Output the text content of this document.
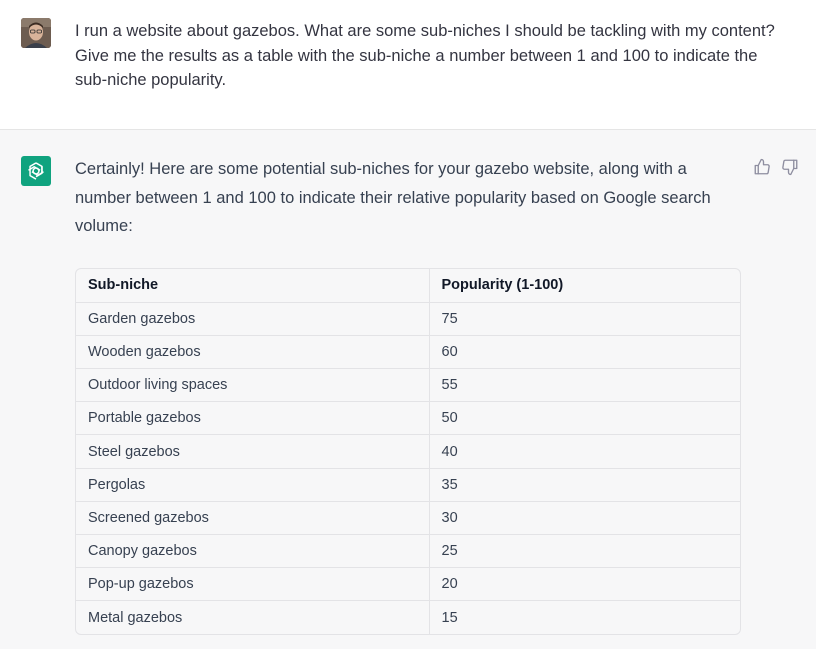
I run a website about gazebos. What are some sub-niches I should be tackling with my content? Give me the results as a table with the sub-niche a number between 1 and 100 to indicate the sub-niche popularity.
Certainly! Here are some potential sub-niches for your gazebo website, along with a number between 1 and 100 to indicate their relative popularity based on Google search volume:
Sub-niche	Popularity (1-100)
Garden gazebos	75
Wooden gazebos	60
Outdoor living spaces	55
Portable gazebos	50
Steel gazebos	40
Pergolas	35
Screened gazebos	30
Canopy gazebos	25
Pop-up gazebos	20
Metal gazebos	15
